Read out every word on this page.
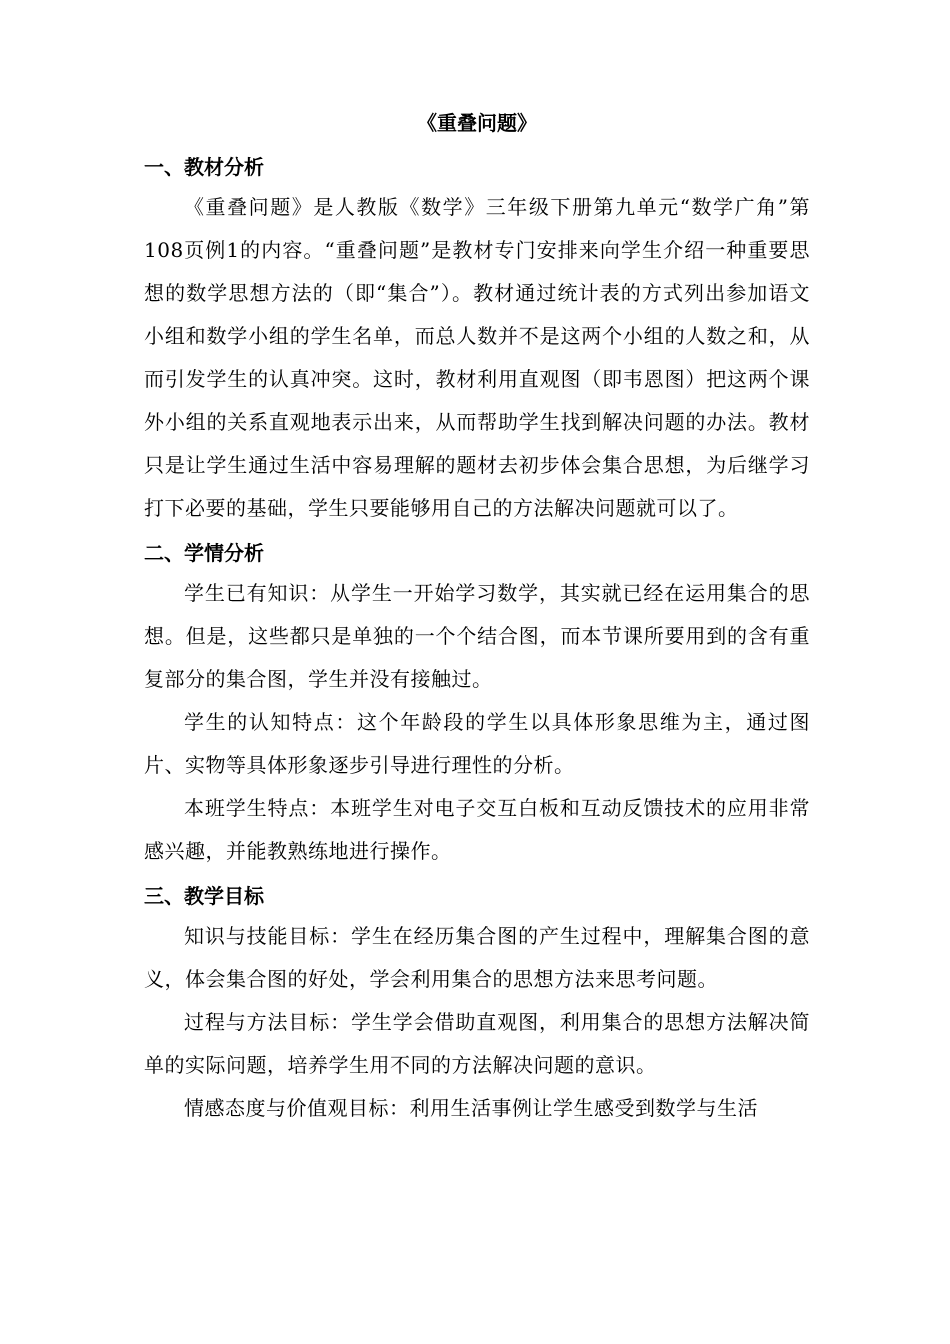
《重叠问题》
一、教材分析

《重叠问题》是人教版《数学》三年级下册第九单元“数学广角”第108页例1的内容。“重叠问题”是教材专门安排来向学生介绍一种重要思想的数学思想方法的（即“集合”）。教材通过统计表的方式列出参加语文小组和数学小组的学生名单，而总人数并不是这两个小组的人数之和，从而引发学生的认真冲突。这时，教材利用直观图（即韦恩图）把这两个课外小组的关系直观地表示出来，从而帮助学生找到解决问题的办法。教材只是让学生通过生活中容易理解的题材去初步体会集合思想，为后继学习打下必要的基础，学生只要能够用自己的方法解决问题就可以了。

二、学情分析

学生已有知识：从学生一开始学习数学，其实就已经在运用集合的思想。但是，这些都只是单独的一个个结合图，而本节课所要用到的含有重复部分的集合图，学生并没有接触过。

学生的认知特点：这个年龄段的学生以具体形象思维为主，通过图片、实物等具体形象逐步引导进行理性的分析。

本班学生特点：本班学生对电子交互白板和互动反馈技术的应用非常感兴趣，并能教熟练地进行操作。

三、教学目标

知识与技能目标：学生在经历集合图的产生过程中，理解集合图的意义，体会集合图的好处，学会利用集合的思想方法来思考问题。

过程与方法目标：学生学会借助直观图，利用集合的思想方法解决简单的实际问题，培养学生用不同的方法解决问题的意识。

情感态度与价值观目标：利用生活事例让学生感受到数学与生活
